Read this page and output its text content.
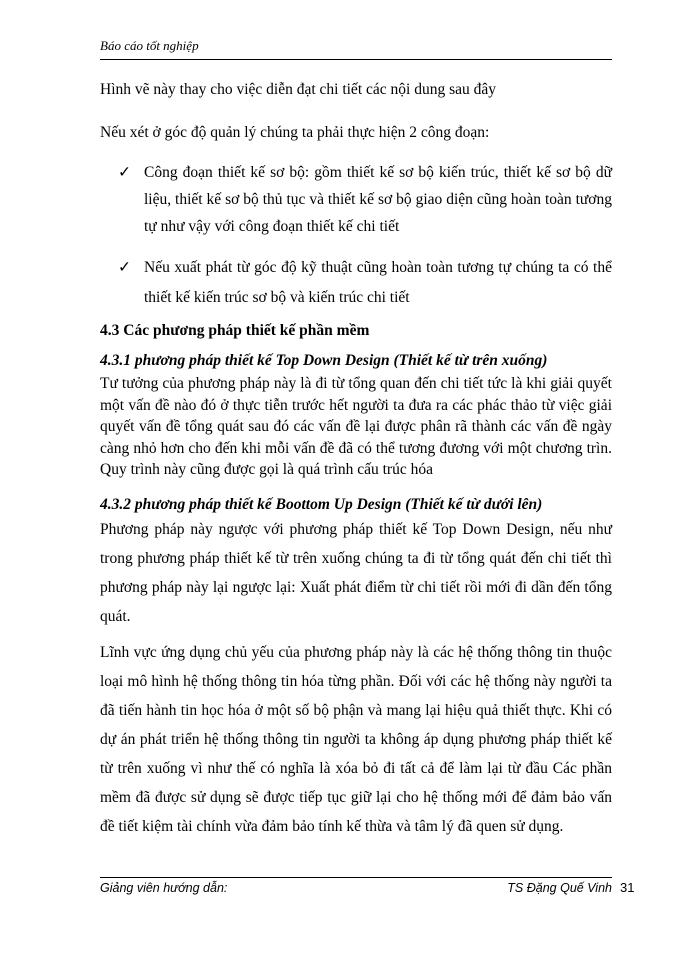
Báo cáo tốt nghiệp
Hình vẽ này thay cho việc diễn đạt chi tiết các nội dung sau đây
Nếu xét ở góc độ quản lý chúng ta phải thực hiện 2 công đoạn:
✓ Công đoạn thiết kế sơ bộ: gồm thiết kế sơ bộ kiến trúc, thiết kế sơ bộ dữ liệu, thiết kế sơ bộ thủ tục và thiết kế sơ bộ giao diện cũng hoàn toàn tương tự như vậy với công đoạn thiết kế chi tiết
✓ Nếu xuất phát từ góc độ kỹ thuật cũng hoàn toàn tương tự chúng ta có thể thiết kế kiến trúc sơ bộ và kiến trúc chi tiết
4.3 Các phương pháp thiết kế phần mềm
4.3.1 phương pháp thiết kế Top Down Design (Thiết kế từ trên xuống)
Tư tưởng của phương pháp này là đi từ tổng quan đến chi tiết tức là khi giải quyết một vấn đề nào đó ở thực tiễn trước hết người ta đưa ra các phác thảo từ việc giải quyết vấn đề tổng quát sau đó các vấn đề lại được phân rã thành các vấn đề ngày càng nhỏ hơn cho đến khi mỗi vấn đề đã có thể tương đương với một chương trìn. Quy trình này cũng được gọi là quá trình cấu trúc hóa
4.3.2 phương pháp thiết kế Boottom Up Design (Thiết kế từ dưới lên)
Phương pháp này ngược với phương pháp thiết kế Top Down Design, nếu như trong phương pháp thiết kế từ trên xuống chúng ta đi từ tổng quát đến chi tiết thì phương pháp này lại ngược lại: Xuất phát điểm từ chi tiết rồi mới đi dần đến tổng quát.
Lĩnh vực ứng dụng chủ yếu của phương pháp này là các hệ thống thông tin thuộc loại mô hình hệ thống thông tin hóa từng phần. Đối với các hệ thống này người ta đã tiến hành tin học hóa ở một số bộ phận và mang lại hiệu quả thiết thực. Khi có dự án phát triển hệ thống thông tin người ta không áp dụng phương pháp thiết kế từ trên xuống vì như thế có nghĩa là xóa bỏ đi tất cả để làm lại từ đầu Các phần mềm đã được sử dụng sẽ được tiếp tục giữ lại cho hệ thống mới để đảm bảo vấn đề tiết kiệm tài chính vừa đảm bảo tính kế thừa và tâm lý đã quen sử dụng.
Giảng viên hướng dẫn:	TS Đặng Quế Vinh 31
